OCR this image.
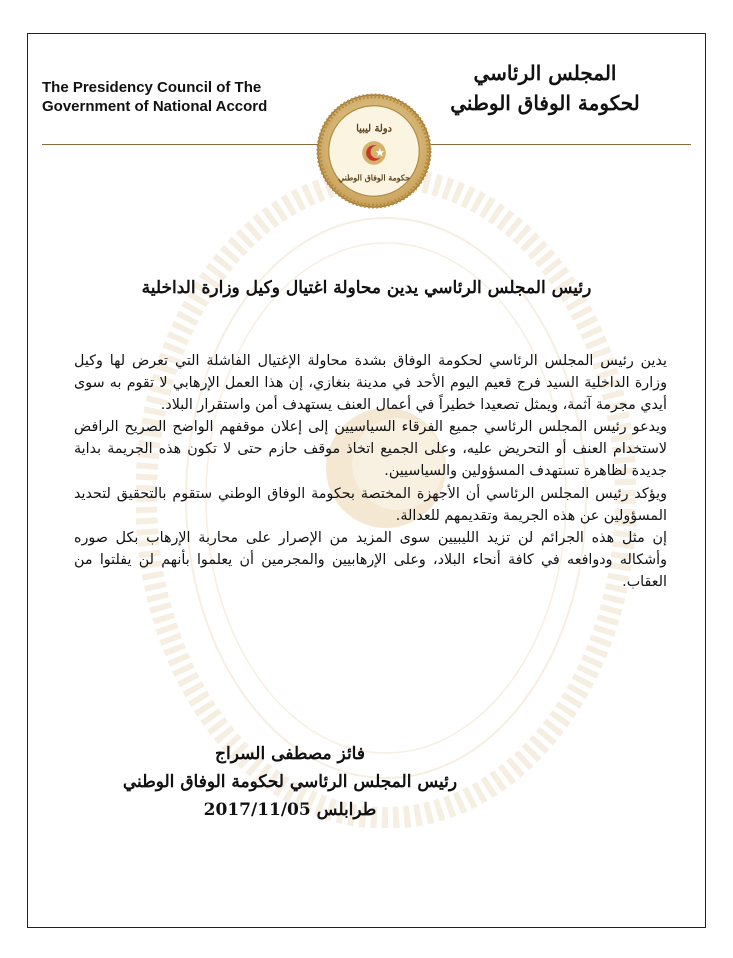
The Presidency Council of The
Government of National Accord
المجلس الرئاسي
لحكومة الوفاق الوطني
دولة ليبيا
حكومة الوفاق الوطني
رئيس المجلس الرئاسي يدين محاولة اغتيال وكيل وزارة الداخلية

يدين رئيس المجلس الرئاسي لحكومة الوفاق بشدة محاولة الإغتيال الفاشلة التي تعرض لها وكيل وزارة الداخلية السيد فرج قعيم اليوم الأحد في مدينة بنغازي، إن هذا العمل الإرهابي لا تقوم به سوى أيدي مجرمة آثمة، ويمثل تصعيدا خطيراً في أعمال العنف يستهدف أمن واستقرار البلاد.

ويدعو رئيس المجلس الرئاسي جميع الفرقاء السياسيين إلى إعلان موقفهم الواضح الصريح الرافض لاستخدام العنف أو التحريض عليه، وعلى الجميع اتخاذ موقف حازم حتى لا تكون هذه الجريمة بداية جديدة لظاهرة تستهدف المسؤولين والسياسيين.

ويؤكد رئيس المجلس الرئاسي أن الأجهزة المختصة بحكومة الوفاق الوطني ستقوم بالتحقيق لتحديد المسؤولين عن هذه الجريمة وتقديمهم للعدالة.

إن مثل هذه الجرائم لن تزيد الليبيين سوى المزيد من الإصرار على محاربة الإرهاب بكل صوره وأشكاله ودوافعه في كافة أنحاء البلاد، وعلى الإرهابيين والمجرمين أن يعلموا بأنهم لن يفلتوا من العقاب.

فائز مصطفى السراج
رئيس المجلس الرئاسي لحكومة الوفاق الوطني
طرابلس 2017/11/05
